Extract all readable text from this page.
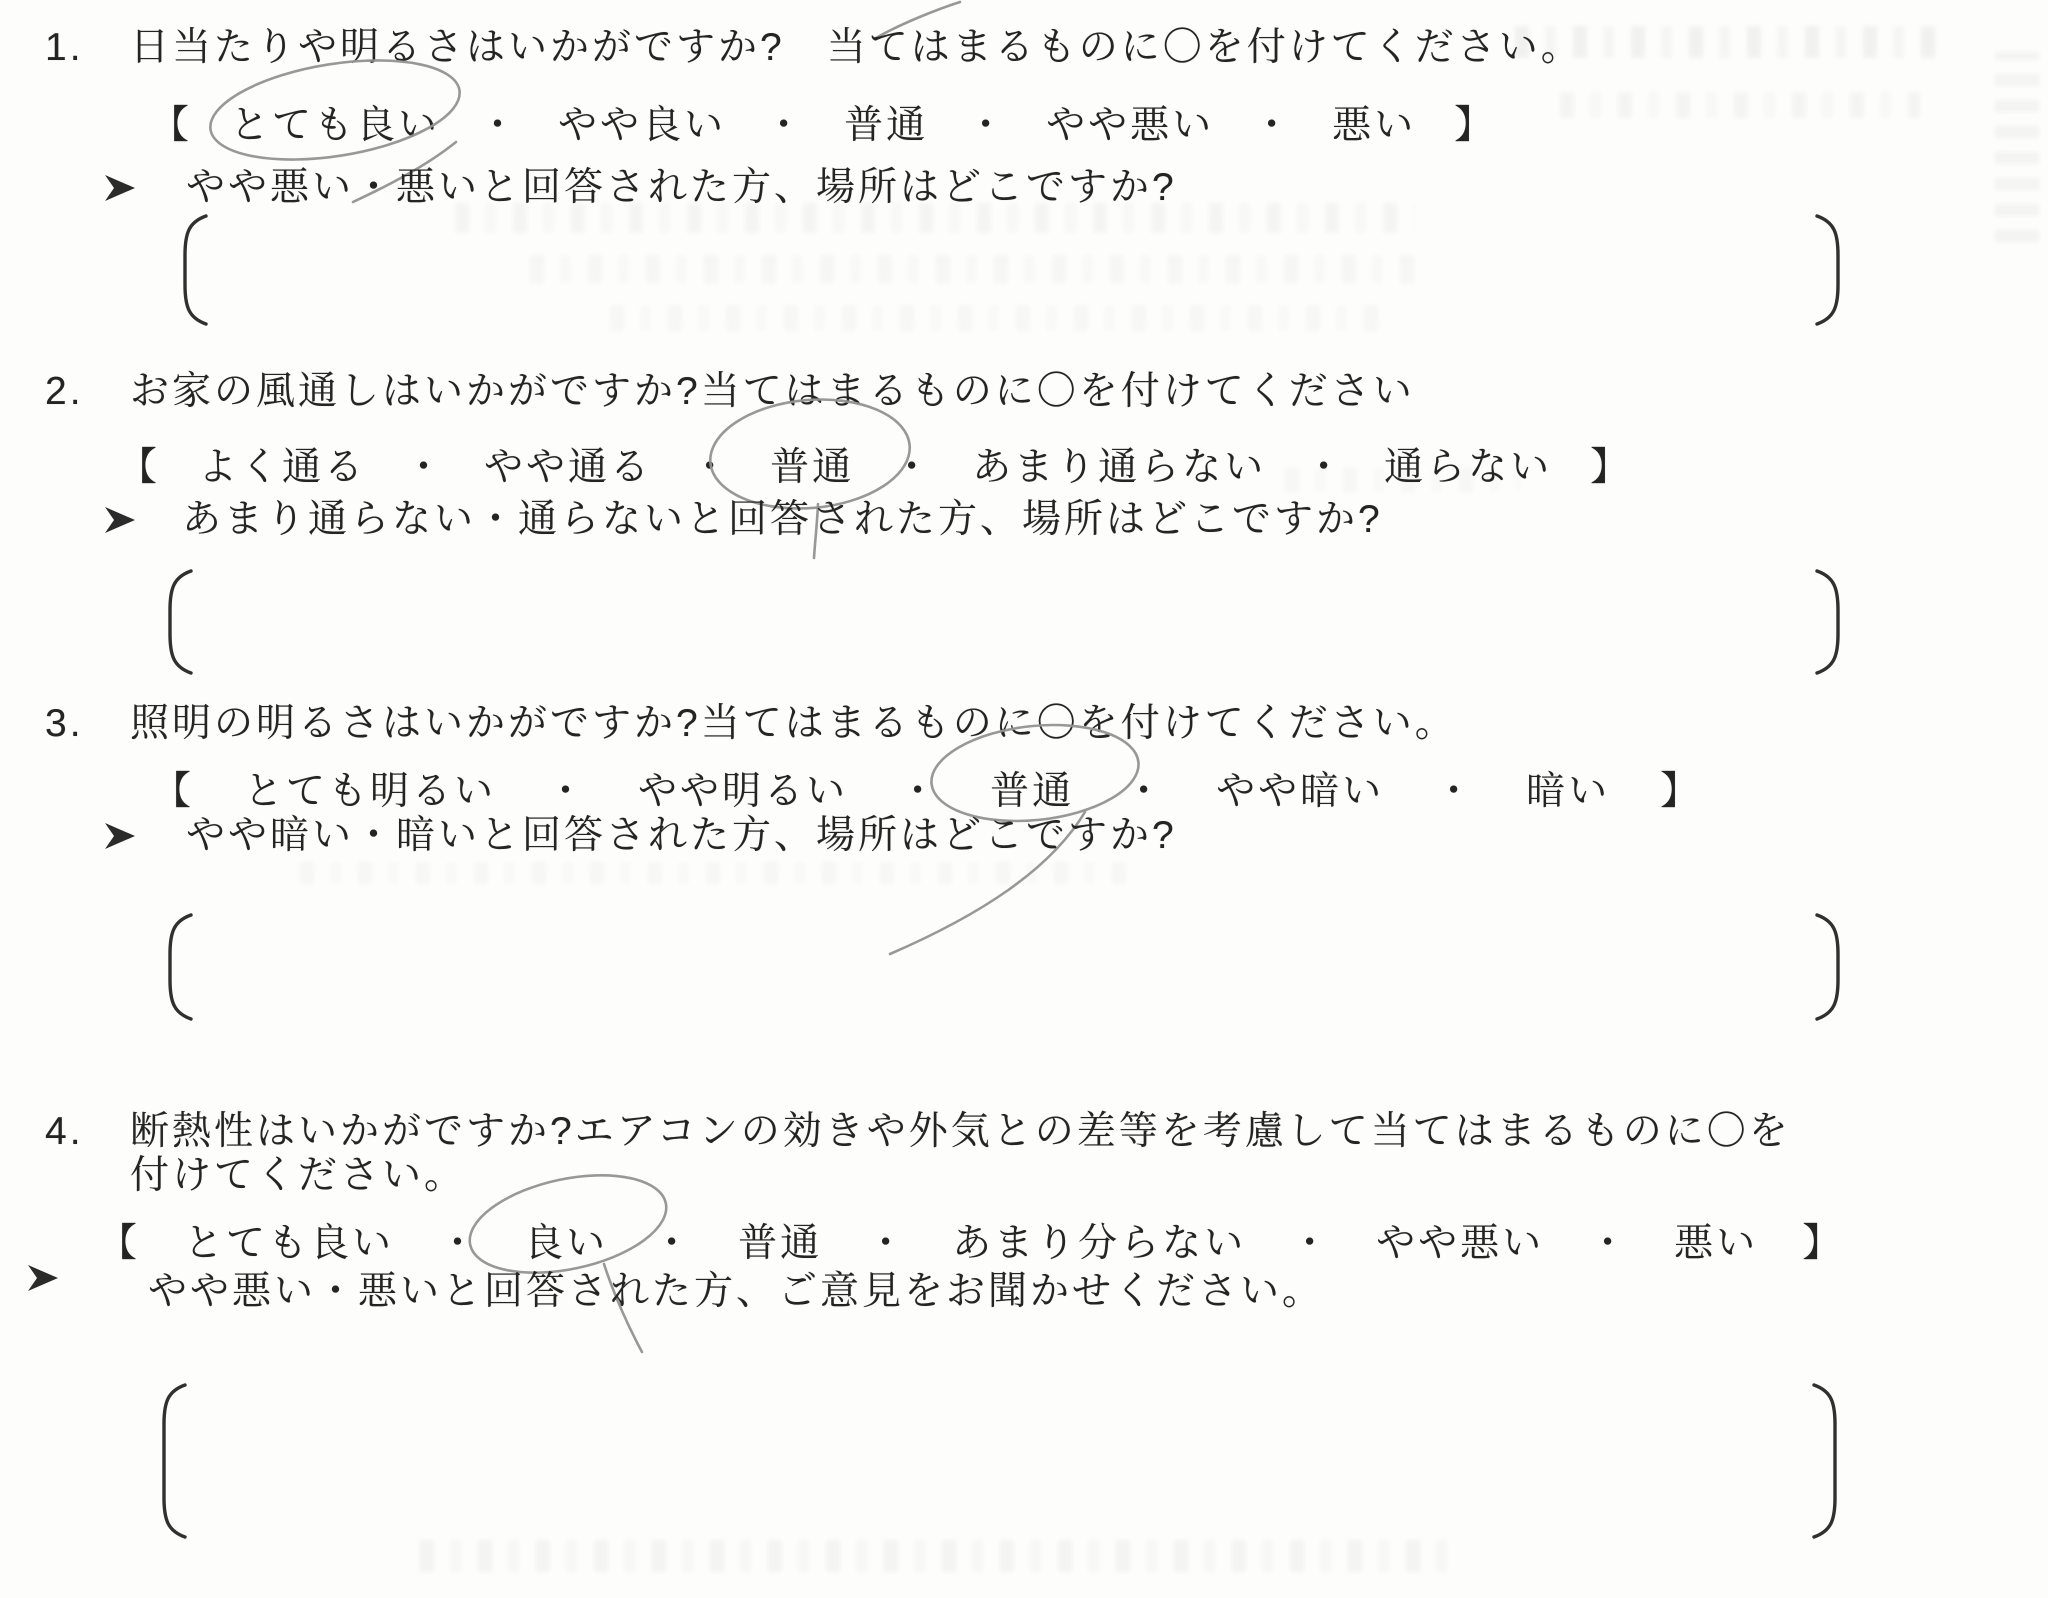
1.	日当たりや明るさはいかがですか?　当てはまるものに〇を付けてください。
【 とても良い ・ やや良い ・ 普通 ・ やや悪い ・ 悪い 】
やや悪い・悪いと回答された方、場所はどこですか?
2.	お家の風通しはいかがですか?当てはまるものに〇を付けてください
【 よく通る ・ やや通る ・ 普通 ・ あまり通らない ・ 通らない 】
あまり通らない・通らないと回答された方、場所はどこですか?
3.	照明の明るさはいかがですか?当てはまるものに〇を付けてください。
【 とても明るい ・ やや明るい ・ 普通 ・ やや暗い ・ 暗い 】
やや暗い・暗いと回答された方、場所はどこですか?
4.	断熱性はいかがですか?エアコンの効きや外気との差等を考慮して当てはまるものに〇を
付けてください。
【 とても良い ・ 良い ・ 普通 ・ あまり分らない ・ やや悪い ・ 悪い 】
やや悪い・悪いと回答された方、ご意見をお聞かせください。
